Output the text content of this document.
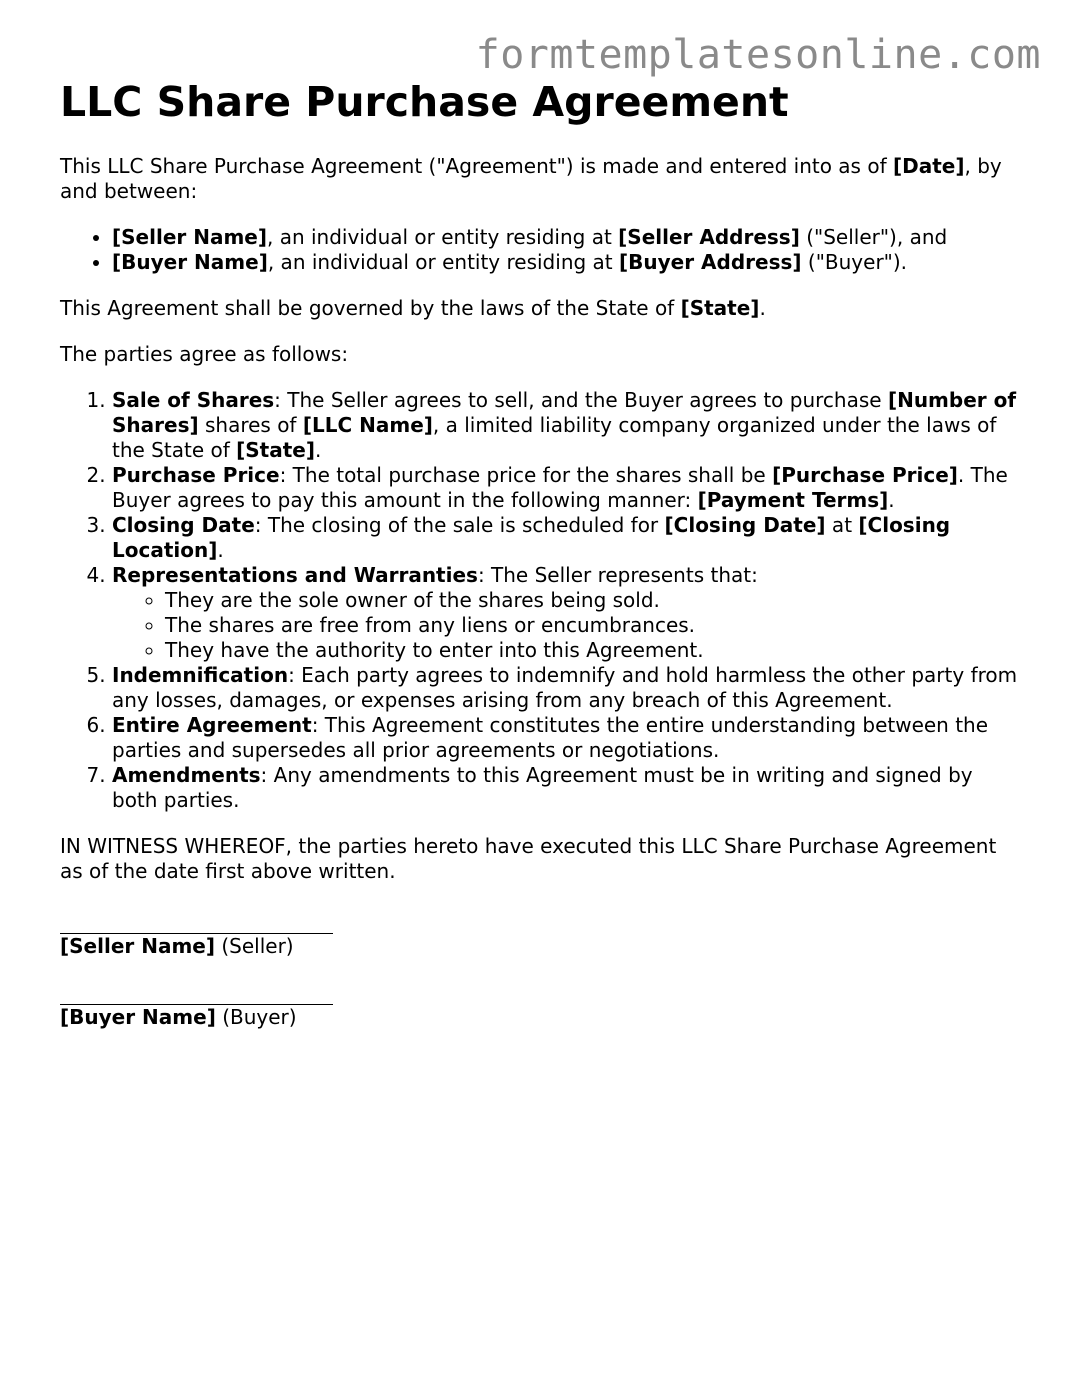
formtemplatesonline.com
LLC Share Purchase Agreement

This LLC Share Purchase Agreement ("Agreement") is made and entered into as of [Date], by and between:

• [Seller Name], an individual or entity residing at [Seller Address] ("Seller"), and
• [Buyer Name], an individual or entity residing at [Buyer Address] ("Buyer").

This Agreement shall be governed by the laws of the State of [State].

The parties agree as follows:

1. Sale of Shares: The Seller agrees to sell, and the Buyer agrees to purchase [Number of Shares] shares of [LLC Name], a limited liability company organized under the laws of the State of [State].
2. Purchase Price: The total purchase price for the shares shall be [Purchase Price]. The Buyer agrees to pay this amount in the following manner: [Payment Terms].
3. Closing Date: The closing of the sale is scheduled for [Closing Date] at [Closing Location].
4. Representations and Warranties: The Seller represents that:
◦ They are the sole owner of the shares being sold.
◦ The shares are free from any liens or encumbrances.
◦ They have the authority to enter into this Agreement.
5. Indemnification: Each party agrees to indemnify and hold harmless the other party from any losses, damages, or expenses arising from any breach of this Agreement.
6. Entire Agreement: This Agreement constitutes the entire understanding between the parties and supersedes all prior agreements or negotiations.
7. Amendments: Any amendments to this Agreement must be in writing and signed by both parties.

IN WITNESS WHEREOF, the parties hereto have executed this LLC Share Purchase Agreement as of the date first above written.

[Seller Name] (Seller)
[Buyer Name] (Buyer)
